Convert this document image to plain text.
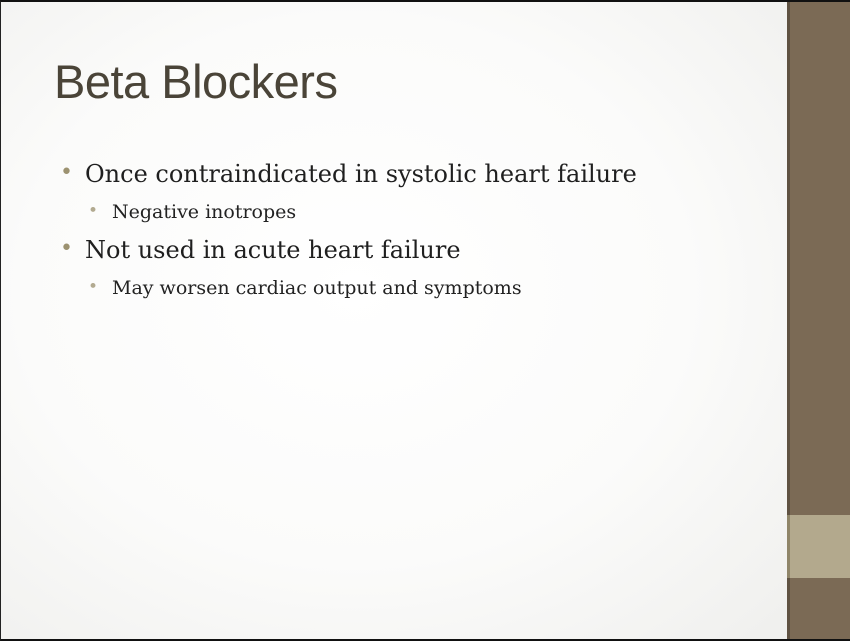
Beta Blockers
• Once contraindicated in systolic heart failure
• Negative inotropes
• Not used in acute heart failure
• May worsen cardiac output and symptoms
